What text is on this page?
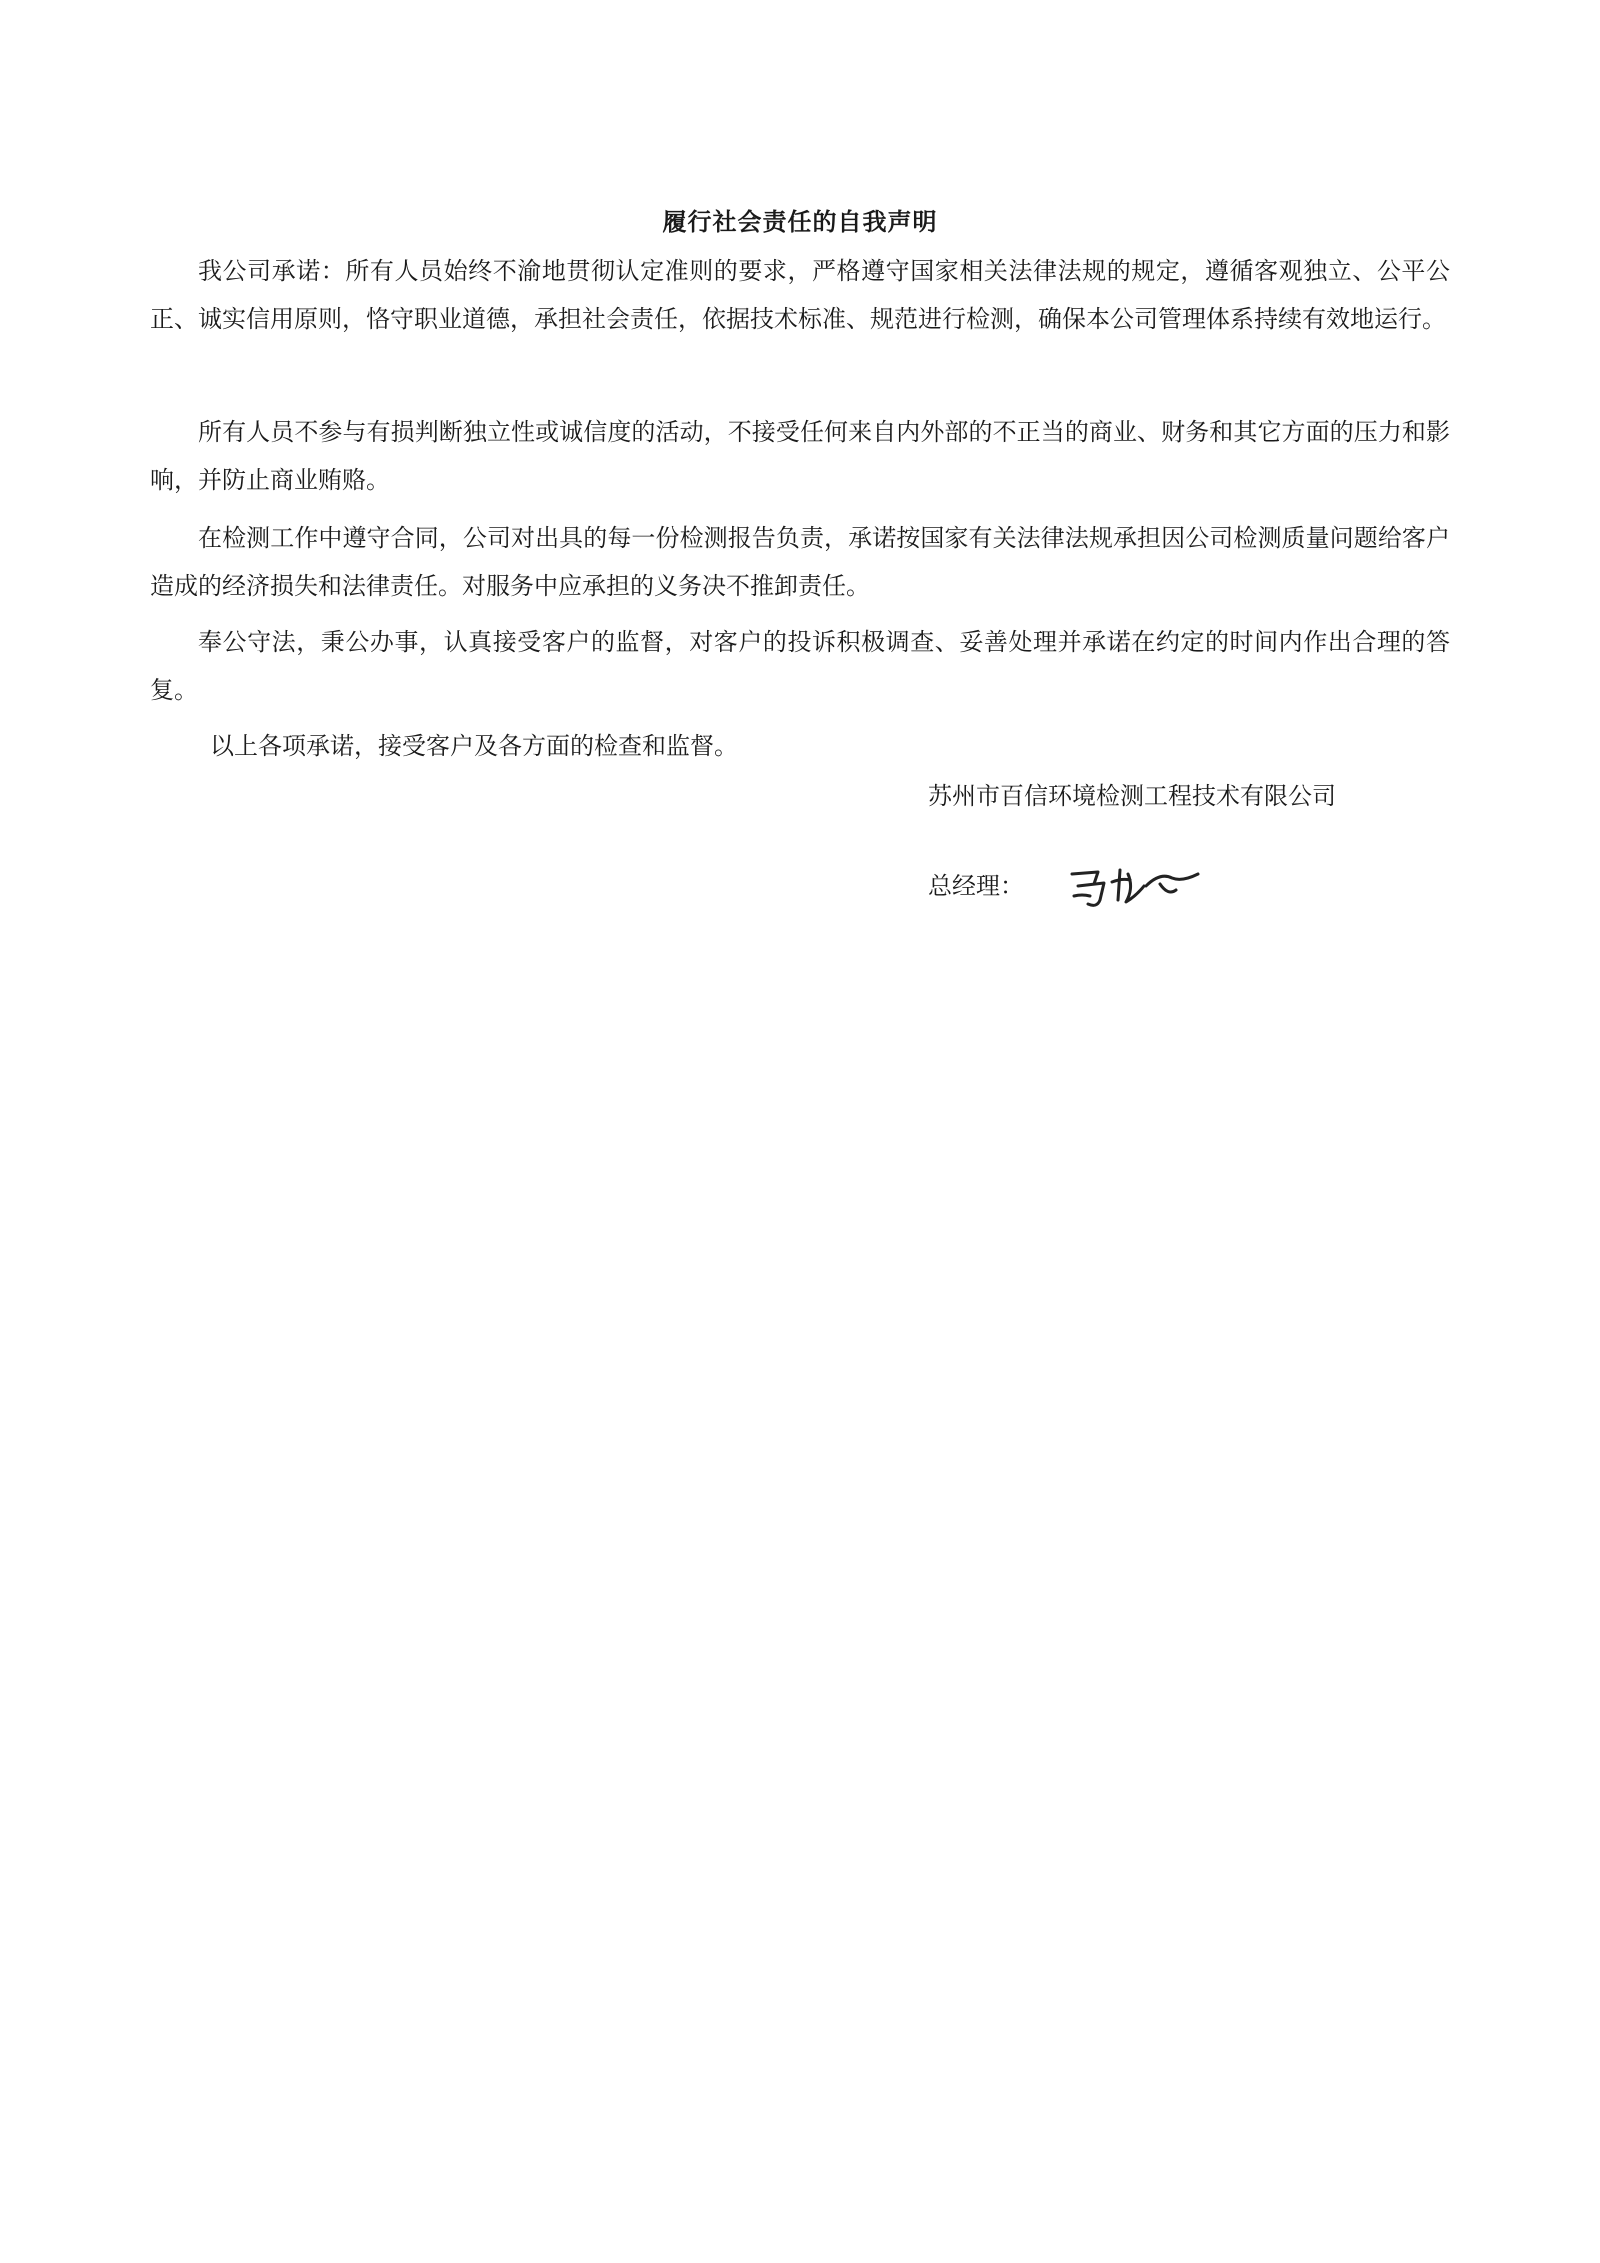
履行社会责任的自我声明
我公司承诺：所有人员始终不渝地贯彻认定准则的要求，严格遵守国家相关法律法规的规定，遵循客观独立、公平公正、诚实信用原则，恪守职业道德，承担社会责任，依据技术标准、规范进行检测，确保本公司管理体系持续有效地运行。
所有人员不参与有损判断独立性或诚信度的活动，不接受任何来自内外部的不正当的商业、财务和其它方面的压力和影响，并防止商业贿赂。
在检测工作中遵守合同，公司对出具的每一份检测报告负责，承诺按国家有关法律法规承担因公司检测质量问题给客户造成的经济损失和法律责任。对服务中应承担的义务决不推卸责任。
奉公守法，秉公办事，认真接受客户的监督，对客户的投诉积极调查、妥善处理并承诺在约定的时间内作出合理的答复。
以上各项承诺，接受客户及各方面的检查和监督。
苏州市百信环境检测工程技术有限公司
总经理：
